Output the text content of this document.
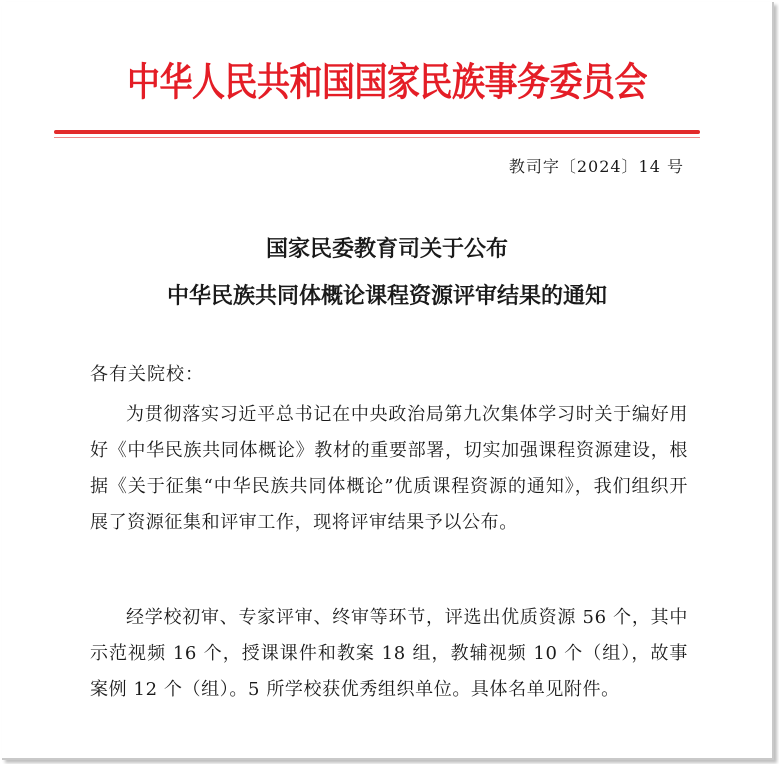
中华人民共和国国家民族事务委员会
教司字〔2024〕14 号
国家民委教育司关于公布
中华民族共同体概论课程资源评审结果的通知
各有关院校：

为贯彻落实习近平总书记在中央政治局第九次集体学习时关于编好用好《中华民族共同体概论》教材的重要部署，切实加强课程资源建设，根据《关于征集“中华民族共同体概论”优质课程资源的通知》，我们组织开展了资源征集和评审工作，现将评审结果予以公布。

经学校初审、专家评审、终审等环节，评选出优质资源 56 个，其中示范视频 16 个，授课课件和教案 18 组，教辅视频 10 个（组），故事案例 12 个（组）。5 所学校获优秀组织单位。具体名单见附件。
